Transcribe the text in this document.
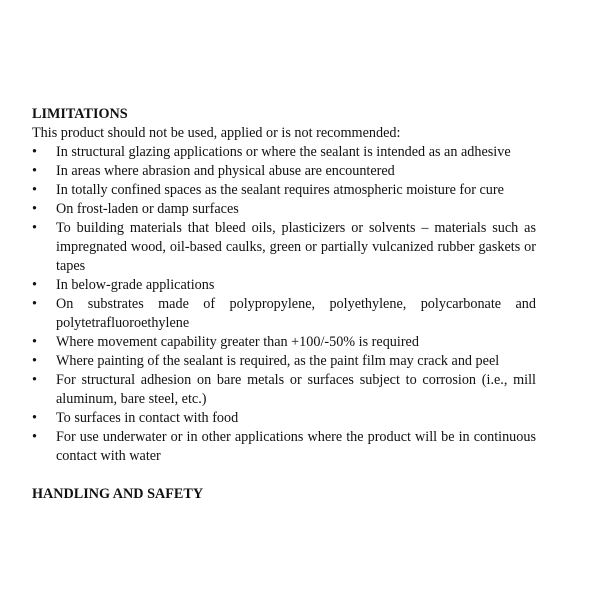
LIMITATIONS

This product should not be used, applied or is not recommended:

•	In structural glazing applications or where the sealant is intended as an adhesive
•	In areas where abrasion and physical abuse are encountered
•	In totally confined spaces as the sealant requires atmospheric moisture for cure
•	On frost-laden or damp surfaces
•	To building materials that bleed oils, plasticizers or solvents – materials such as impregnated wood, oil-based caulks, green or partially vulcanized rubber gaskets or tapes
•	In below-grade applications
•	On substrates made of polypropylene, polyethylene, polycarbonate and polytetrafluoroethylene
•	Where movement capability greater than +100/-50% is required
•	Where painting of the sealant is required, as the paint film may crack and peel
•	For structural adhesion on bare metals or surfaces subject to corrosion (i.e., mill aluminum, bare steel, etc.)
•	To surfaces in contact with food
•	For use underwater or in other applications where the product will be in continuous contact with water

HANDLING AND SAFETY
